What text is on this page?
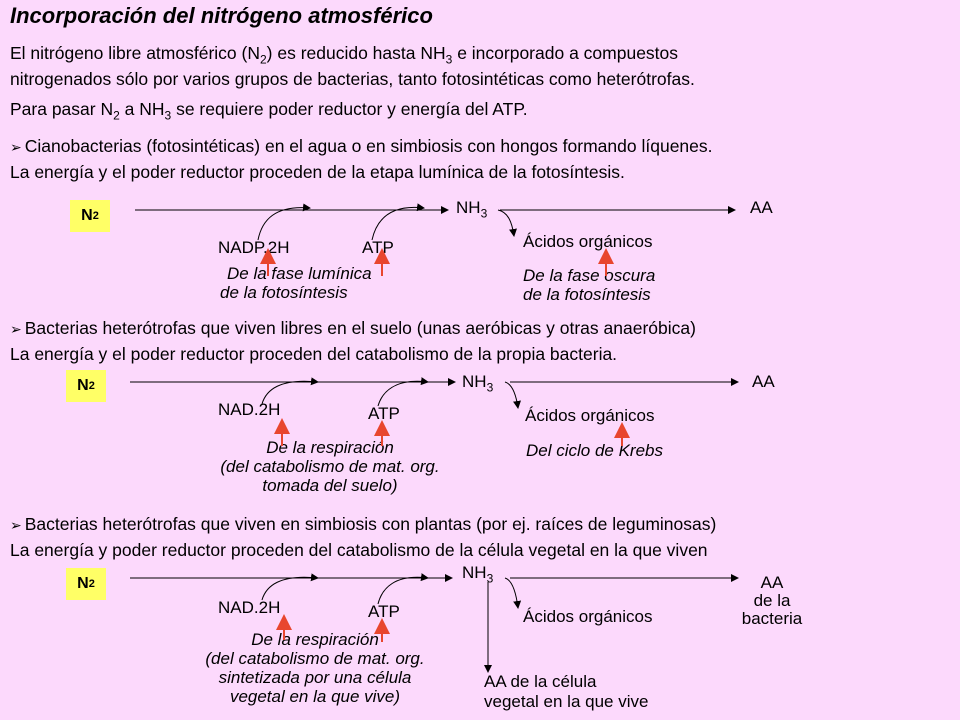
Incorporación del nitrógeno atmosférico
El nitrógeno libre atmosférico $(N_2)$ es reducido hasta $NH_3$ e incorporado a compuestos
nitrogenados sólo por varios grupos de bacterias, tanto fotosintéticas como heterótrofas.
Para pasar $N_2$ a $NH_3$ se requiere poder reductor y energía del ATP.
➢ Cianobacterias (fotosintéticas) en el agua o en simbiosis con hongos formando líquenes.
La energía y el poder reductor proceden de la etapa lumínica de la fotosíntesis.
N 2	$NH_3$	AA
NADP.2H	ATP
De la fase lumínica
de la fotosíntesis
Ácidos orgánicos
De la fase oscura
de la fotosíntesis
➢ Bacterias heterótrofas que viven libres en el suelo (unas aeróbicas y otras anaeróbica)
La energía y el poder reductor proceden del catabolismo de la propia bacteria.
N 2	$NH_3$	AA
NAD.2H	ATP
De la respiración
(del catabolismo de mat. org.
tomada del suelo)
Ácidos orgánicos
Del ciclo de Krebs
➢ Bacterias heterótrofas que viven en simbiosis con plantas (por ej. raíces de leguminosas)
La energía y poder reductor proceden del catabolismo de la célula vegetal en la que viven
N 2
$NH_3$	AA
de la
bacteria
NAD.2H	ATP
De la respiración
(del catabolismo de mat. org.
sintetizada por una célula
vegetal en la que vive)
Ácidos orgánicos
AA de la célula
vegetal en la que vive
